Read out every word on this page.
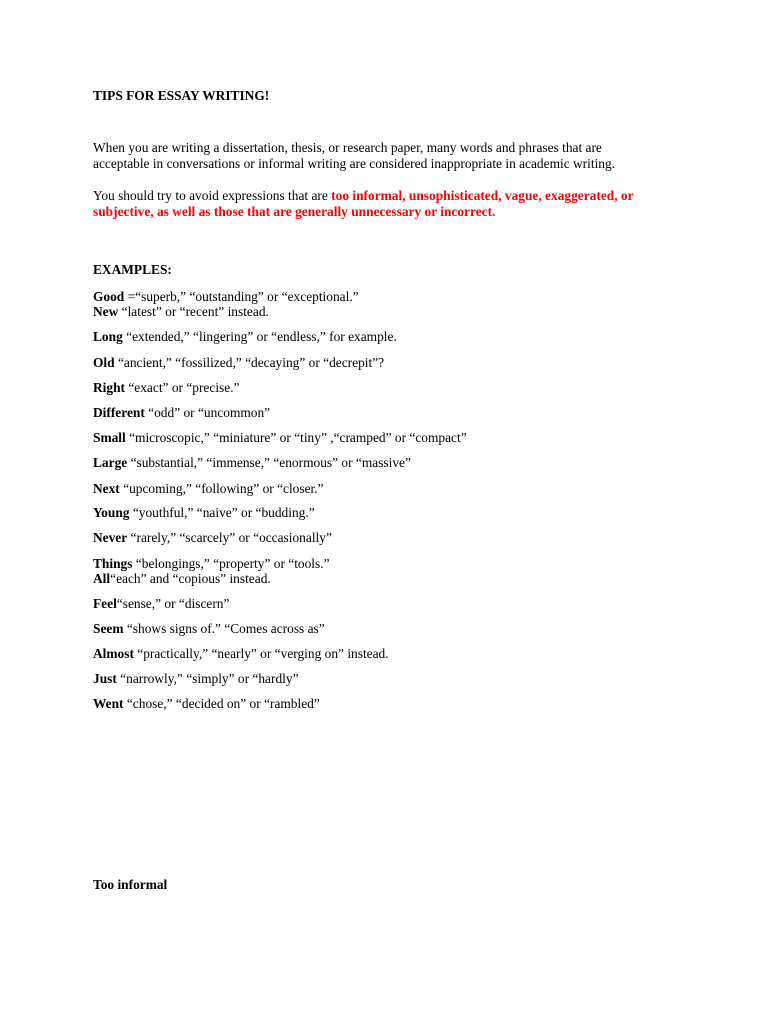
TIPS FOR ESSAY WRITING!

When you are writing a dissertation, thesis, or research paper, many words and phrases that are

acceptable in conversations or informal writing are considered inappropriate in academic writing.

You should try to avoid expressions that are too informal, unsophisticated, vague, exaggerated, or

subjective, as well as those that are generally unnecessary or incorrect.

EXAMPLES:

Good =“superb,” “outstanding” or “exceptional.”

New “latest” or “recent” instead.

Long “extended,” “lingering” or “endless,” for example.

Old “ancient,” “fossilized,” “decaying” or “decrepit”?

Right “exact” or “precise.”

Different “odd” or “uncommon”

Small “microscopic,” “miniature” or “tiny” ,“cramped” or “compact”

Large “substantial,” “immense,” “enormous” or “massive”

Next “upcoming,” “following” or “closer.”

Young “youthful,” “naive” or “budding.”

Never “rarely,” “scarcely” or “occasionally”

Things “belongings,” “property” or “tools.”

All“each” and “copious” instead.

Feel“sense,” or “discern”

Seem “shows signs of.” “Comes across as”

Almost “practically,” “nearly” or “verging on” instead.

Just “narrowly,” “simply” or “hardly”

Went “chose,” “decided on” or “rambled”

Too informal
